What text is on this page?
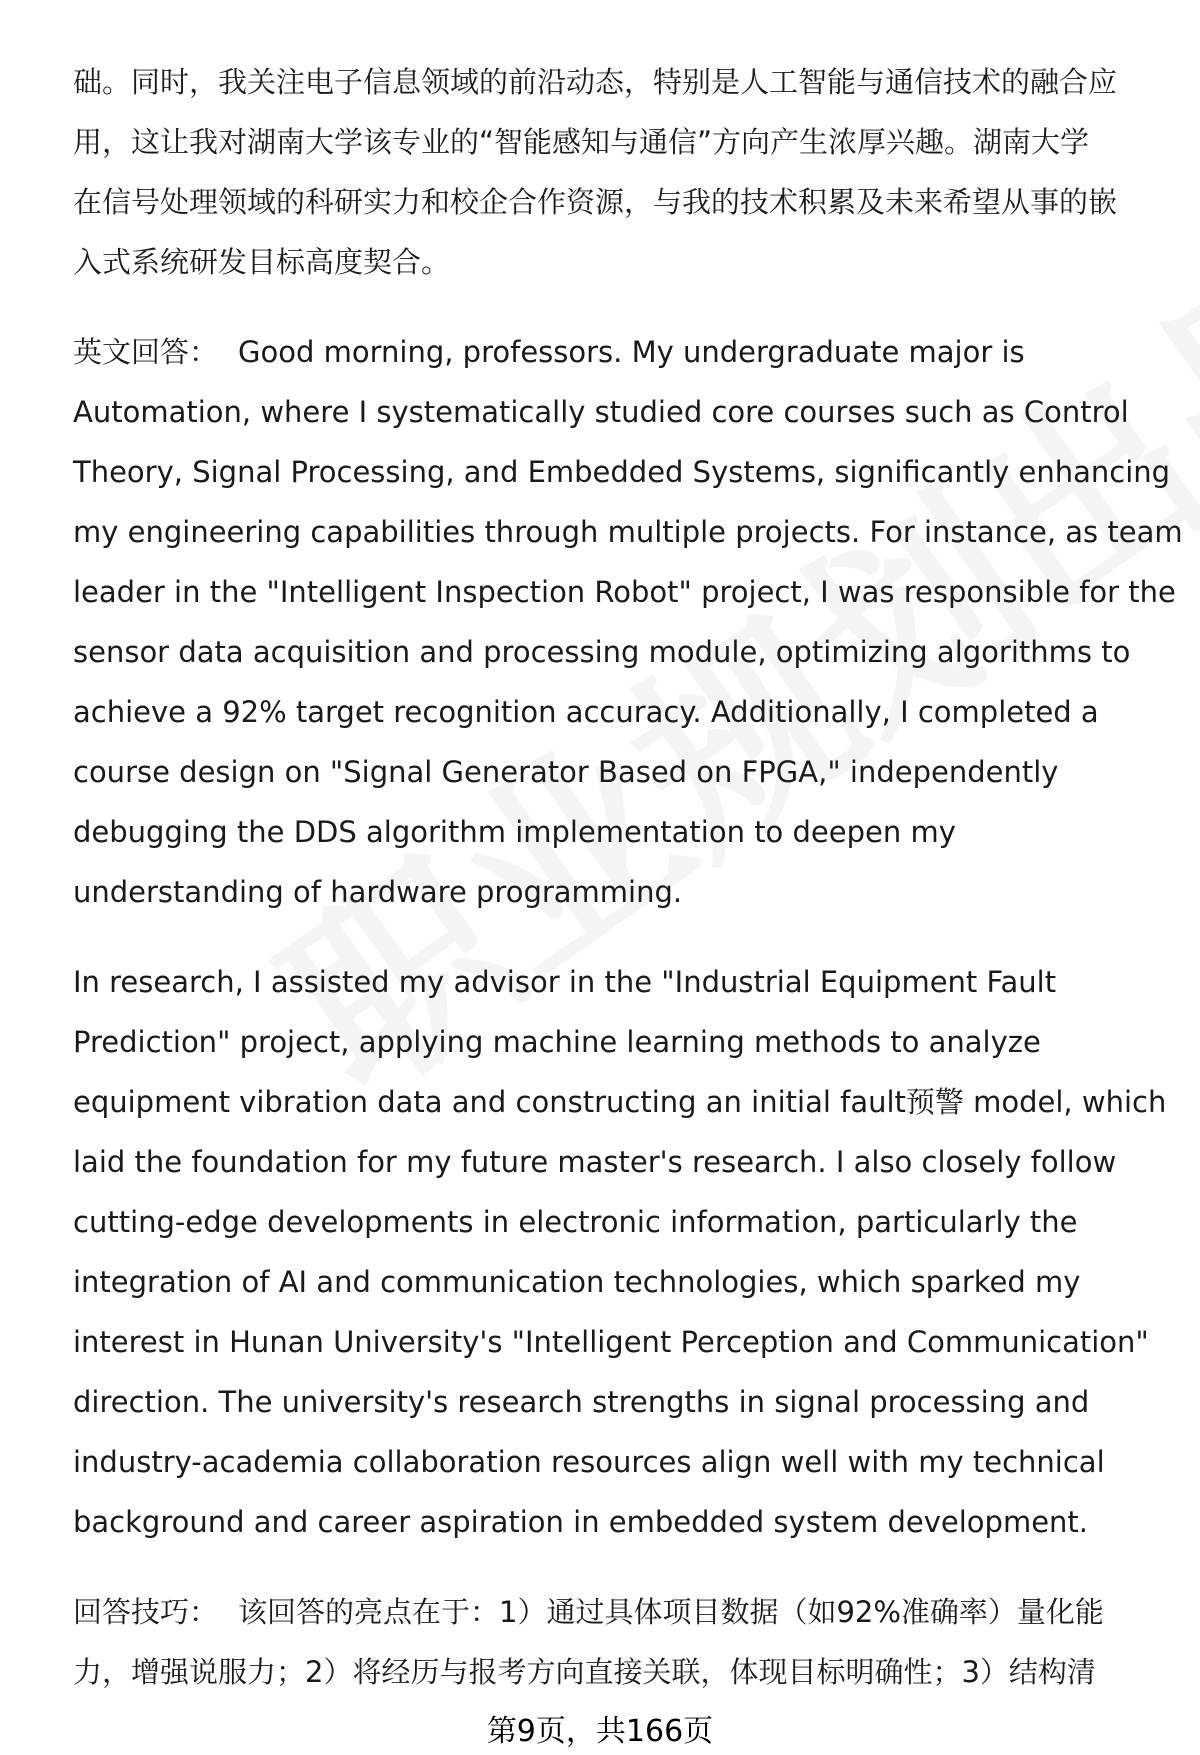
础。同时，我关注电子信息领域的前沿动态，特别是人工智能与通信技术的融合应
用，这让我对湖南大学该专业的“智能感知与通信”方向产生浓厚兴趣。湖南大学
在信号处理领域的科研实力和校企合作资源，与我的技术积累及未来希望从事的嵌
入式系统研发目标高度契合。

英文回答： Good morning, professors. My undergraduate major is
Automation, where I systematically studied core courses such as Control
Theory, Signal Processing, and Embedded Systems, significantly enhancing
my engineering capabilities through multiple projects. For instance, as team
leader in the "Intelligent Inspection Robot" project, I was responsible for the
sensor data acquisition and processing module, optimizing algorithms to
achieve a 92% target recognition accuracy. Additionally, I completed a
course design on "Signal Generator Based on FPGA," independently
debugging the DDS algorithm implementation to deepen my
understanding of hardware programming.

In research, I assisted my advisor in the "Industrial Equipment Fault
Prediction" project, applying machine learning methods to analyze
equipment vibration data and constructing an initial fault预警 model, which
laid the foundation for my future master's research. I also closely follow
cutting-edge developments in electronic information, particularly the
integration of AI and communication technologies, which sparked my
interest in Hunan University's "Intelligent Perception and Communication"
direction. The university's research strengths in signal processing and
industry-academia collaboration resources align well with my technical
background and career aspiration in embedded system development.

回答技巧： 该回答的亮点在于：1）通过具体项目数据（如92%准确率）量化能
力，增强说服力；2）将经历与报考方向直接关联，体现目标明确性；3）结构清

第9页，共166页
